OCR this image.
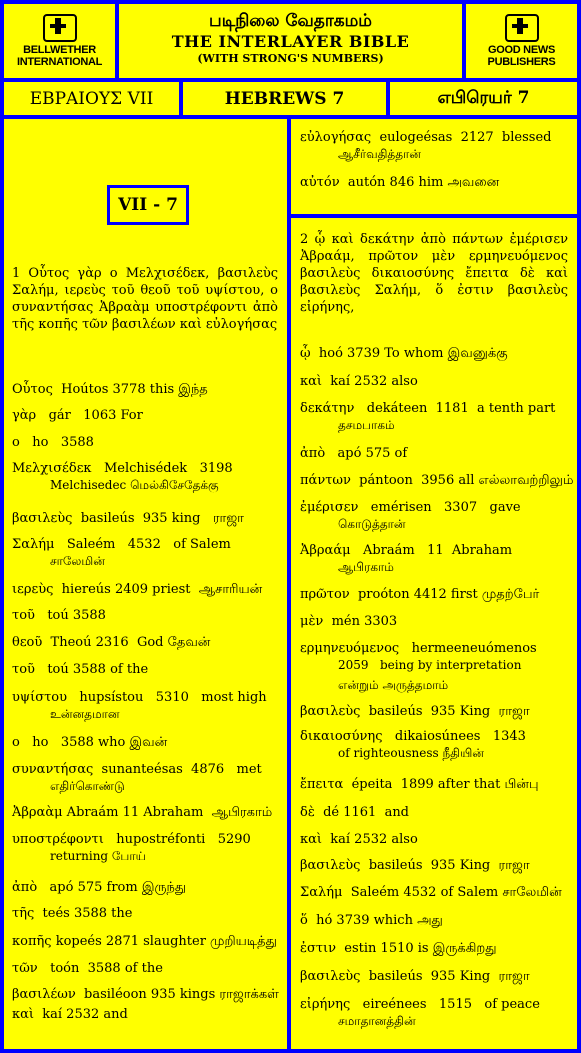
BELLWETHER
INTERNATIONAL
படிநிலை வேதாகமம்
THE INTERLAYER BIBLE
(WITH STRONG'S NUMBERS)
GOOD NEWS
PUBLISHERS
ΕΒΡΑΙΟΥΣ VII	HEBREWS 7	எபிரெயர் 7
VII - 7
1 Οὗτος γὰρ ο Μελχισέδεκ, βασιλεὺς Σαλήμ, ιερεὺς τοῦ θεοῦ τοῦ υψίστου, ο συναντήσας Ἀβραὰμ υποστρέφοντι ἀπὸ τῆς κοπῆς τῶν βασιλέων καὶ εὐλογήσας
Οὗτος  Hoútos 3778 this இந்த
γὰρ   gár   1063 For
ο   ho   3588
Μελχισέδεκ   Melchisédek   3198
Melchisedec மெல்கிசேதேக்கு
βασιλεὺς  basileús  935 king   ராஜா
Σαλήμ   Saleém   4532   of Salem
சாலேமின்
ιερεὺς  hiereús 2409 priest  ஆசாரியன்
τοῦ   toú 3588
θεοῦ  Theoú 2316  God தேவன்
τοῦ   toú 3588 of the
υψίστου   hupsístou   5310   most high
உன்னதமான
ο   ho   3588 who இவன்
συναντήσας  sunanteésas  4876   met
எதிர்கொண்டு
Ἀβραὰμ Abraám 11 Abraham  ஆபிரகாம்
υποστρέφοντι   hupostréfonti   5290
returning போய்
ἀπὸ   apó 575 from இருந்து
τῆς  teés 3588 the
κοπῆς kopeés 2871 slaughter முறியடித்து
τῶν   toón  3588 of the
βασιλέων  basiléoon 935 kings ராஜாக்கள்
καὶ  kaí 2532 and
εὐλογήσας  eulogeésas  2127  blessed
ஆசீர்வதித்தான்
αὐτόν  autón 846 him அவனை
2 ᾧ καὶ δεκάτην ἀπὸ πάντων ἐμέρισεν Ἀβραάμ, πρῶτον μὲν ερμηνευόμενος βασιλεὺς δικαιοσύνης ἔπειτα δὲ καὶ βασιλεὺς Σαλήμ, ὅ ἐστιν βασιλεὺς εἰρήνης,
ᾧ  hoó 3739 To whom இவனுக்கு
καὶ  kaí 2532 also
δεκάτην   dekáteen  1181  a tenth part
தசமபாகம்
ἀπὸ   apó 575 of
πάντων  pántoon  3956 all எல்லாவற்றிலும்
ἐμέρισεν   emérisen   3307   gave
கொடுத்தான்
Ἀβραάμ   Abraám   11  Abraham
ஆபிரகாம்
πρῶτον  proóton 4412 first முதற்பேர்
μὲν  mén 3303
ερμηνευόμενος   hermeeneuómenos
2059   being by interpretation
என்றும் அருத்தமாம்
βασιλεὺς  basileús  935 King  ராஜா
δικαιοσύνης   dikaiosúnees   1343
of righteousness நீதியின்
ἔπειτα  épeita  1899 after that பின்பு
δὲ  dé 1161  and
καὶ  kaí 2532 also
βασιλεὺς  basileús  935 King  ராஜா
Σαλήμ  Saleém 4532 of Salem சாலேமின்
ὅ  hó 3739 which அது
ἐστιν  estin 1510 is இருக்கிறது
βασιλεὺς  basileús  935 King  ராஜா
εἰρήνης   eireénees   1515   of peace
சமாதானத்தின்
